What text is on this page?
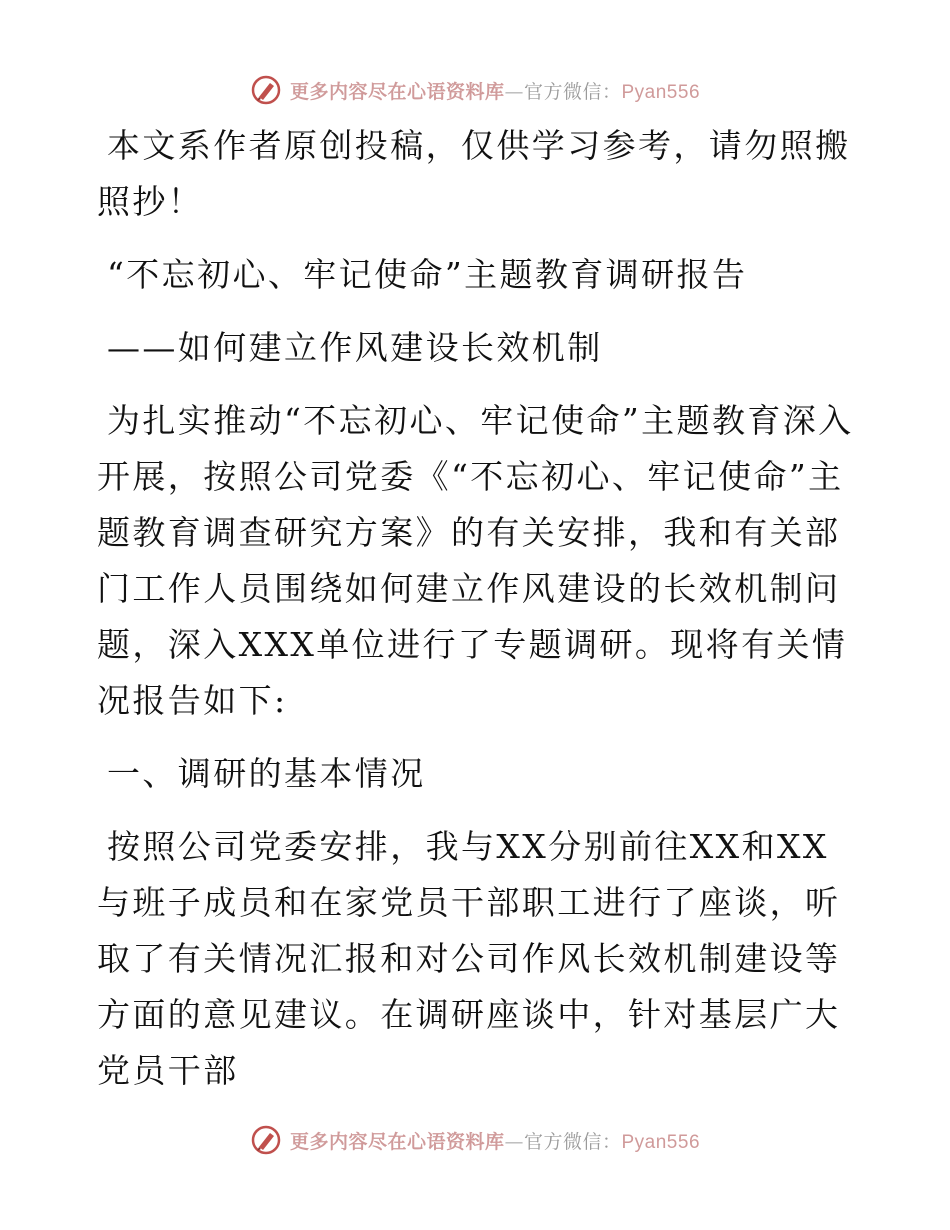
更多内容尽在心语资料库—官方微信：Pyan556

本文系作者原创投稿，仅供学习参考，请勿照搬照抄！

“不忘初心、牢记使命”主题教育调研报告

——如何建立作风建设长效机制

为扎实推动“不忘初心、牢记使命”主题教育深入开展，按照公司党委《“不忘初心、牢记使命”主题教育调查研究方案》的有关安排，我和有关部门工作人员围绕如何建立作风建设的长效机制问题，深入XXX单位进行了专题调研。现将有关情况报告如下:

一、调研的基本情况

按照公司党委安排，我与XX分别前往XX和XX与班子成员和在家党员干部职工进行了座谈，听取了有关情况汇报和对公司作风长效机制建设等方面的意见建议。在调研座谈中，针对基层广大党员干部

更多内容尽在心语资料库—官方微信：Pyan556
